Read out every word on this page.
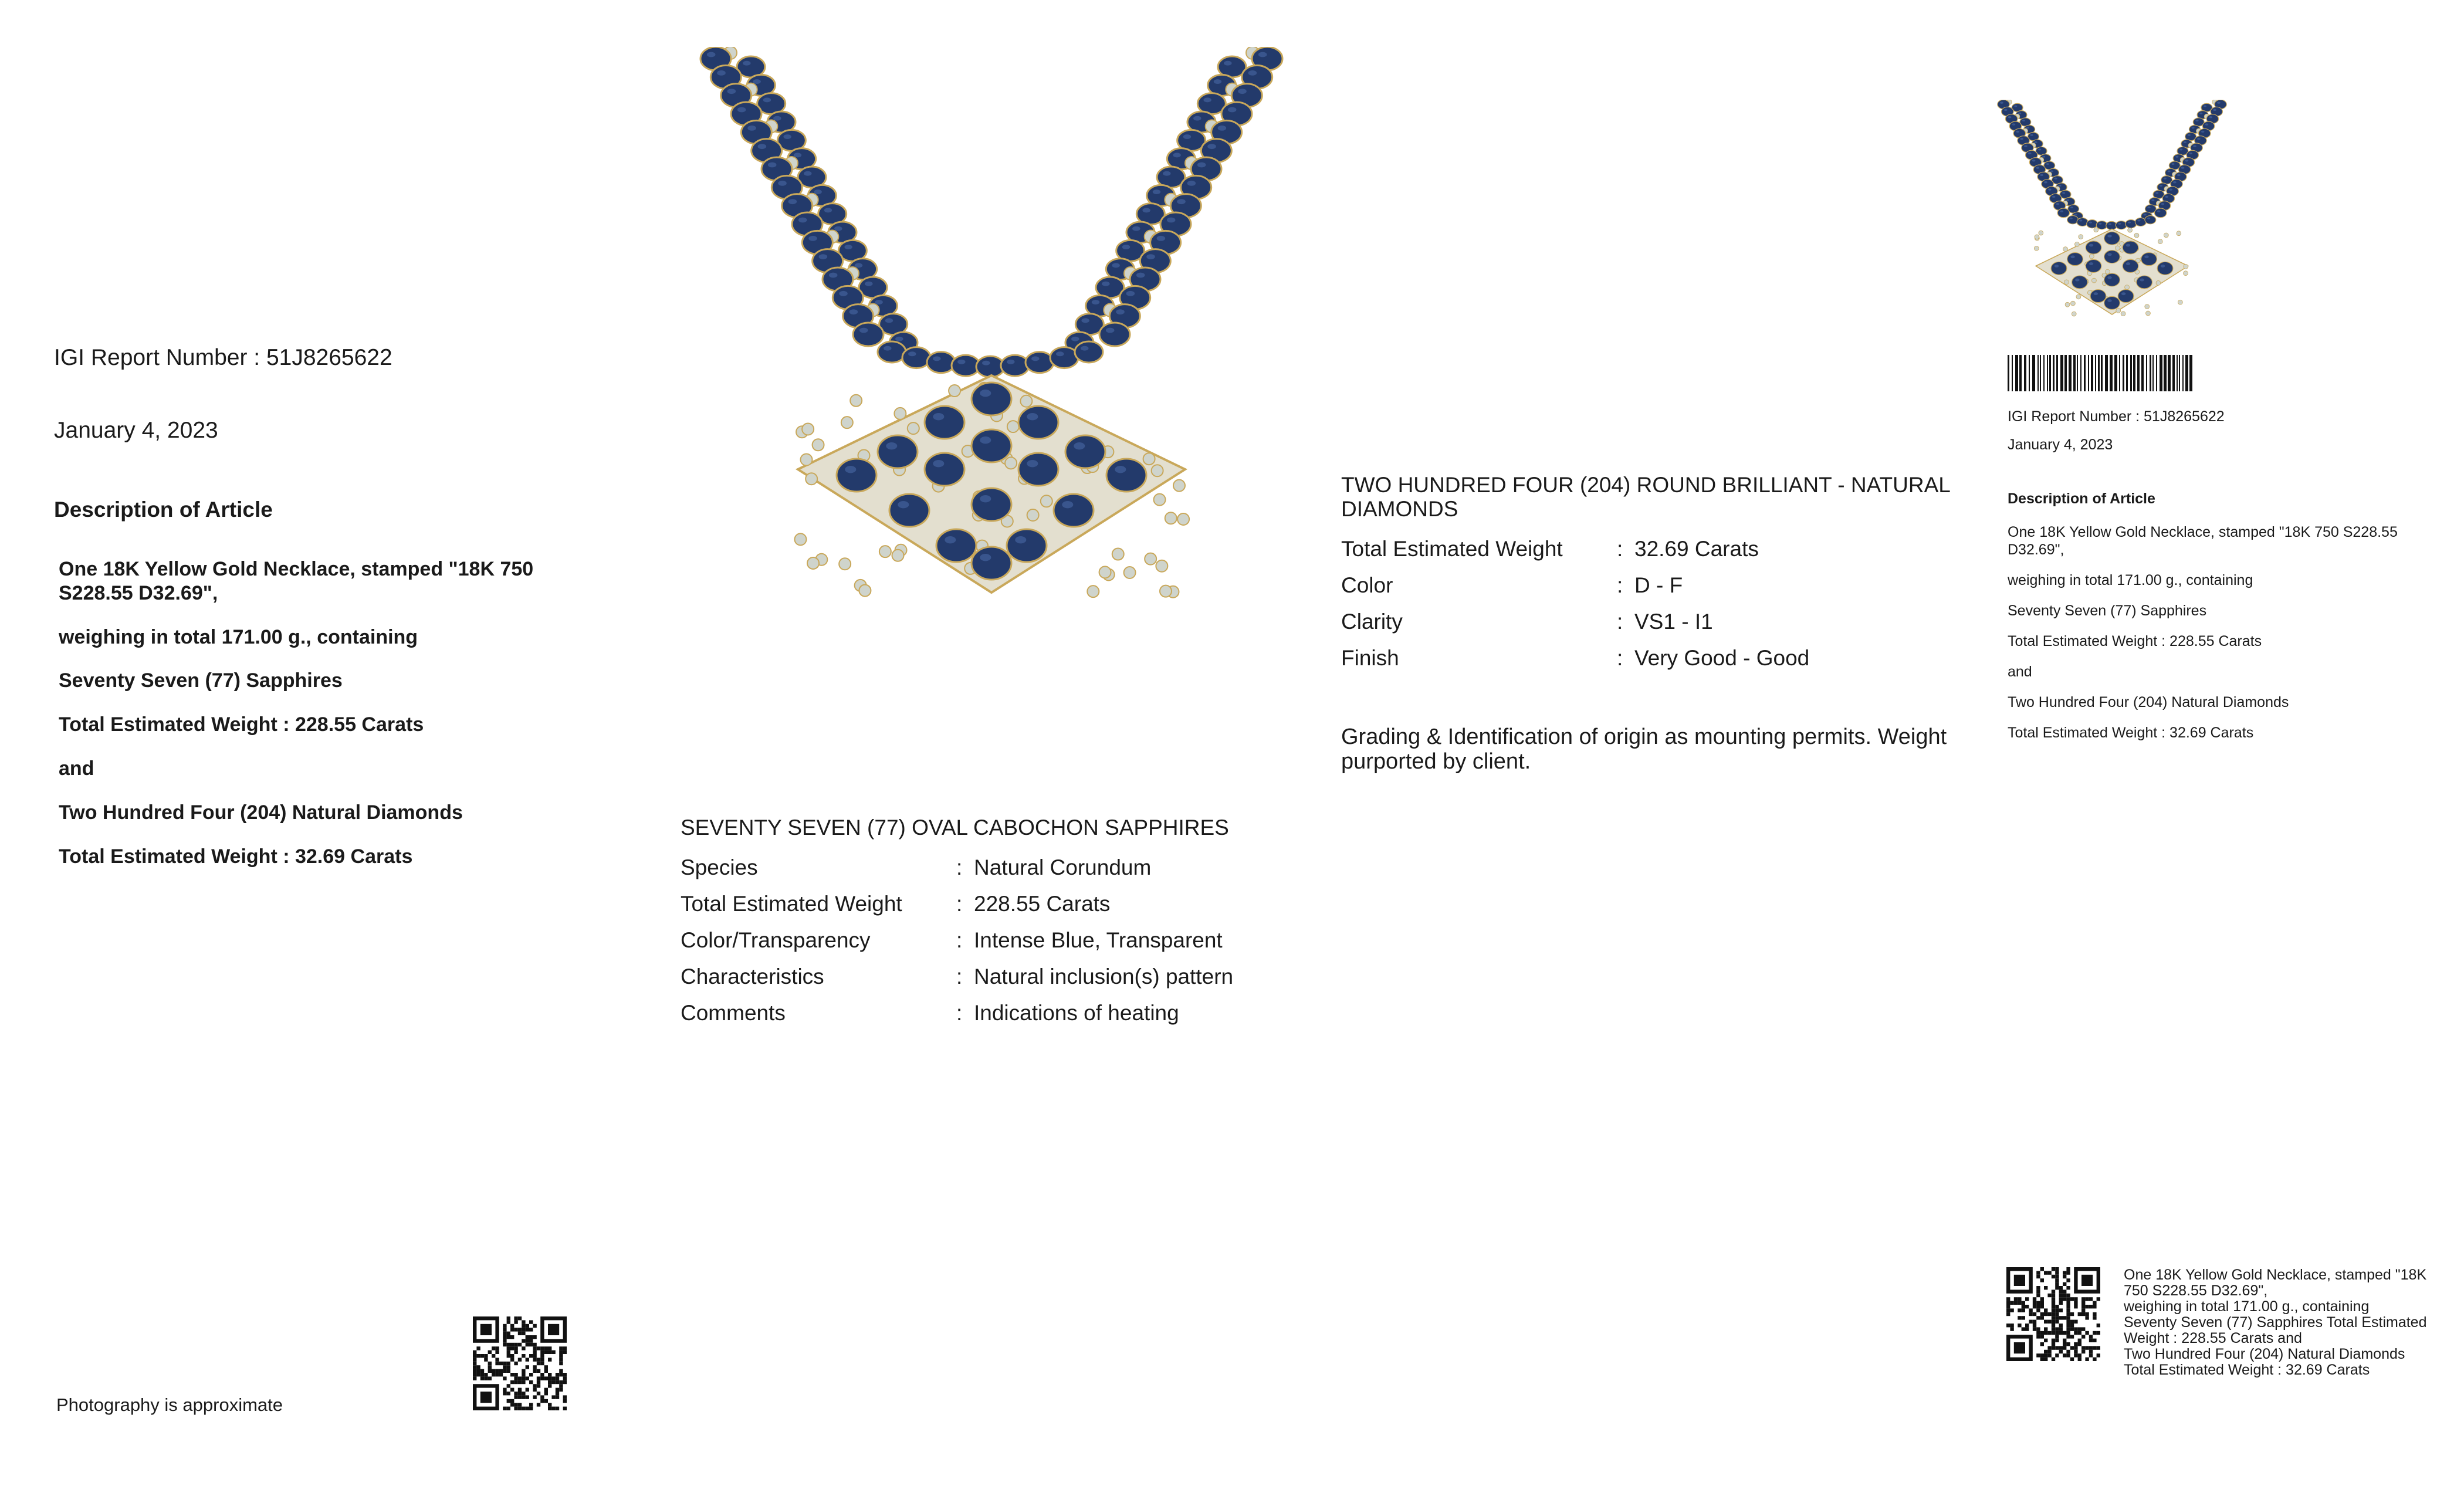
IGI Report Number : 51J8265622
January 4, 2023
Description of Article
One 18K Yellow Gold Necklace, stamped "18K 750 S228.55 D32.69",
weighing in total 171.00 g., containing
Seventy Seven (77) Sapphires
Total Estimated Weight : 228.55 Carats
and
Two Hundred Four (204) Natural Diamonds
Total Estimated Weight : 32.69 Carats
Photography is approximate
SEVENTY SEVEN (77) OVAL CABOCHON SAPPHIRES
Species	: Natural Corundum
Total Estimated Weight	: 228.55 Carats
Color/Transparency	: Intense Blue, Transparent
Characteristics	: Natural inclusion(s) pattern
Comments	: Indications of heating
TWO HUNDRED FOUR (204) ROUND BRILLIANT - NATURAL DIAMONDS
Total Estimated Weight	: 32.69 Carats
Color	: D - F
Clarity	: VS1 - I1
Finish	: Very Good - Good
Grading & Identification of origin as mounting permits. Weight purported by client.
IGI Report Number : 51J8265622
January 4, 2023
Description of Article
One 18K Yellow Gold Necklace, stamped "18K 750 S228.55 D32.69",
weighing in total 171.00 g., containing
Seventy Seven (77) Sapphires
Total Estimated Weight : 228.55 Carats
and
Two Hundred Four (204) Natural Diamonds
Total Estimated Weight : 32.69 Carats
One 18K Yellow Gold Necklace, stamped "18K 750 S228.55 D32.69",
weighing in total 171.00 g., containing
Seventy Seven (77) Sapphires Total Estimated Weight : 228.55 Carats and
Two Hundred Four (204) Natural Diamonds
Total Estimated Weight : 32.69 Carats
